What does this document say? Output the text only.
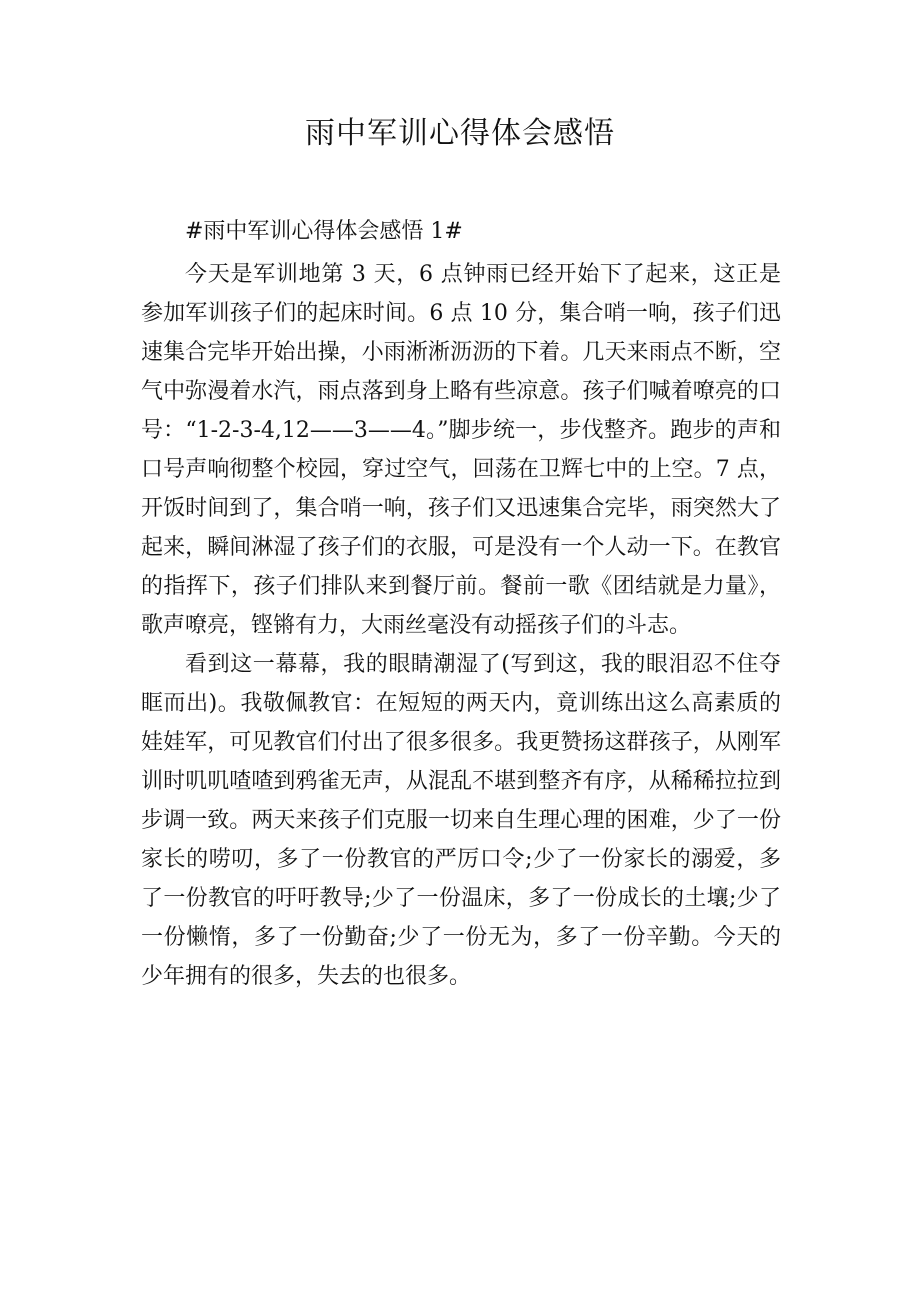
雨中军训心得体会感悟

#雨中军训心得体会感悟 1#

今天是军训地第 3 天，6 点钟雨已经开始下了起来，这正是参加军训孩子们的起床时间。6 点 10 分，集合哨一响，孩子们迅速集合完毕开始出操，小雨淅淅沥沥的下着。几天来雨点不断，空气中弥漫着水汽，雨点落到身上略有些凉意。孩子们喊着嘹亮的口号：“1-2-3-4,12——3——4。”脚步统一，步伐整齐。跑步的声和口号声响彻整个校园，穿过空气，回荡在卫辉七中的上空。7 点，开饭时间到了，集合哨一响，孩子们又迅速集合完毕，雨突然大了起来，瞬间淋湿了孩子们的衣服，可是没有一个人动一下。在教官的指挥下，孩子们排队来到餐厅前。餐前一歌《团结就是力量》，歌声嘹亮，铿锵有力，大雨丝毫没有动摇孩子们的斗志。

看到这一幕幕，我的眼睛潮湿了(写到这，我的眼泪忍不住夺眶而出)。我敬佩教官：在短短的两天内，竟训练出这么高素质的娃娃军，可见教官们付出了很多很多。我更赞扬这群孩子，从刚军训时叽叽喳喳到鸦雀无声，从混乱不堪到整齐有序，从稀稀拉拉到步调一致。两天来孩子们克服一切来自生理心理的困难，少了一份家长的唠叨，多了一份教官的严厉口令;少了一份家长的溺爱，多了一份教官的吁吁教导;少了一份温床，多了一份成长的土壤;少了一份懒惰，多了一份勤奋;少了一份无为，多了一份辛勤。今天的少年拥有的很多，失去的也很多。
